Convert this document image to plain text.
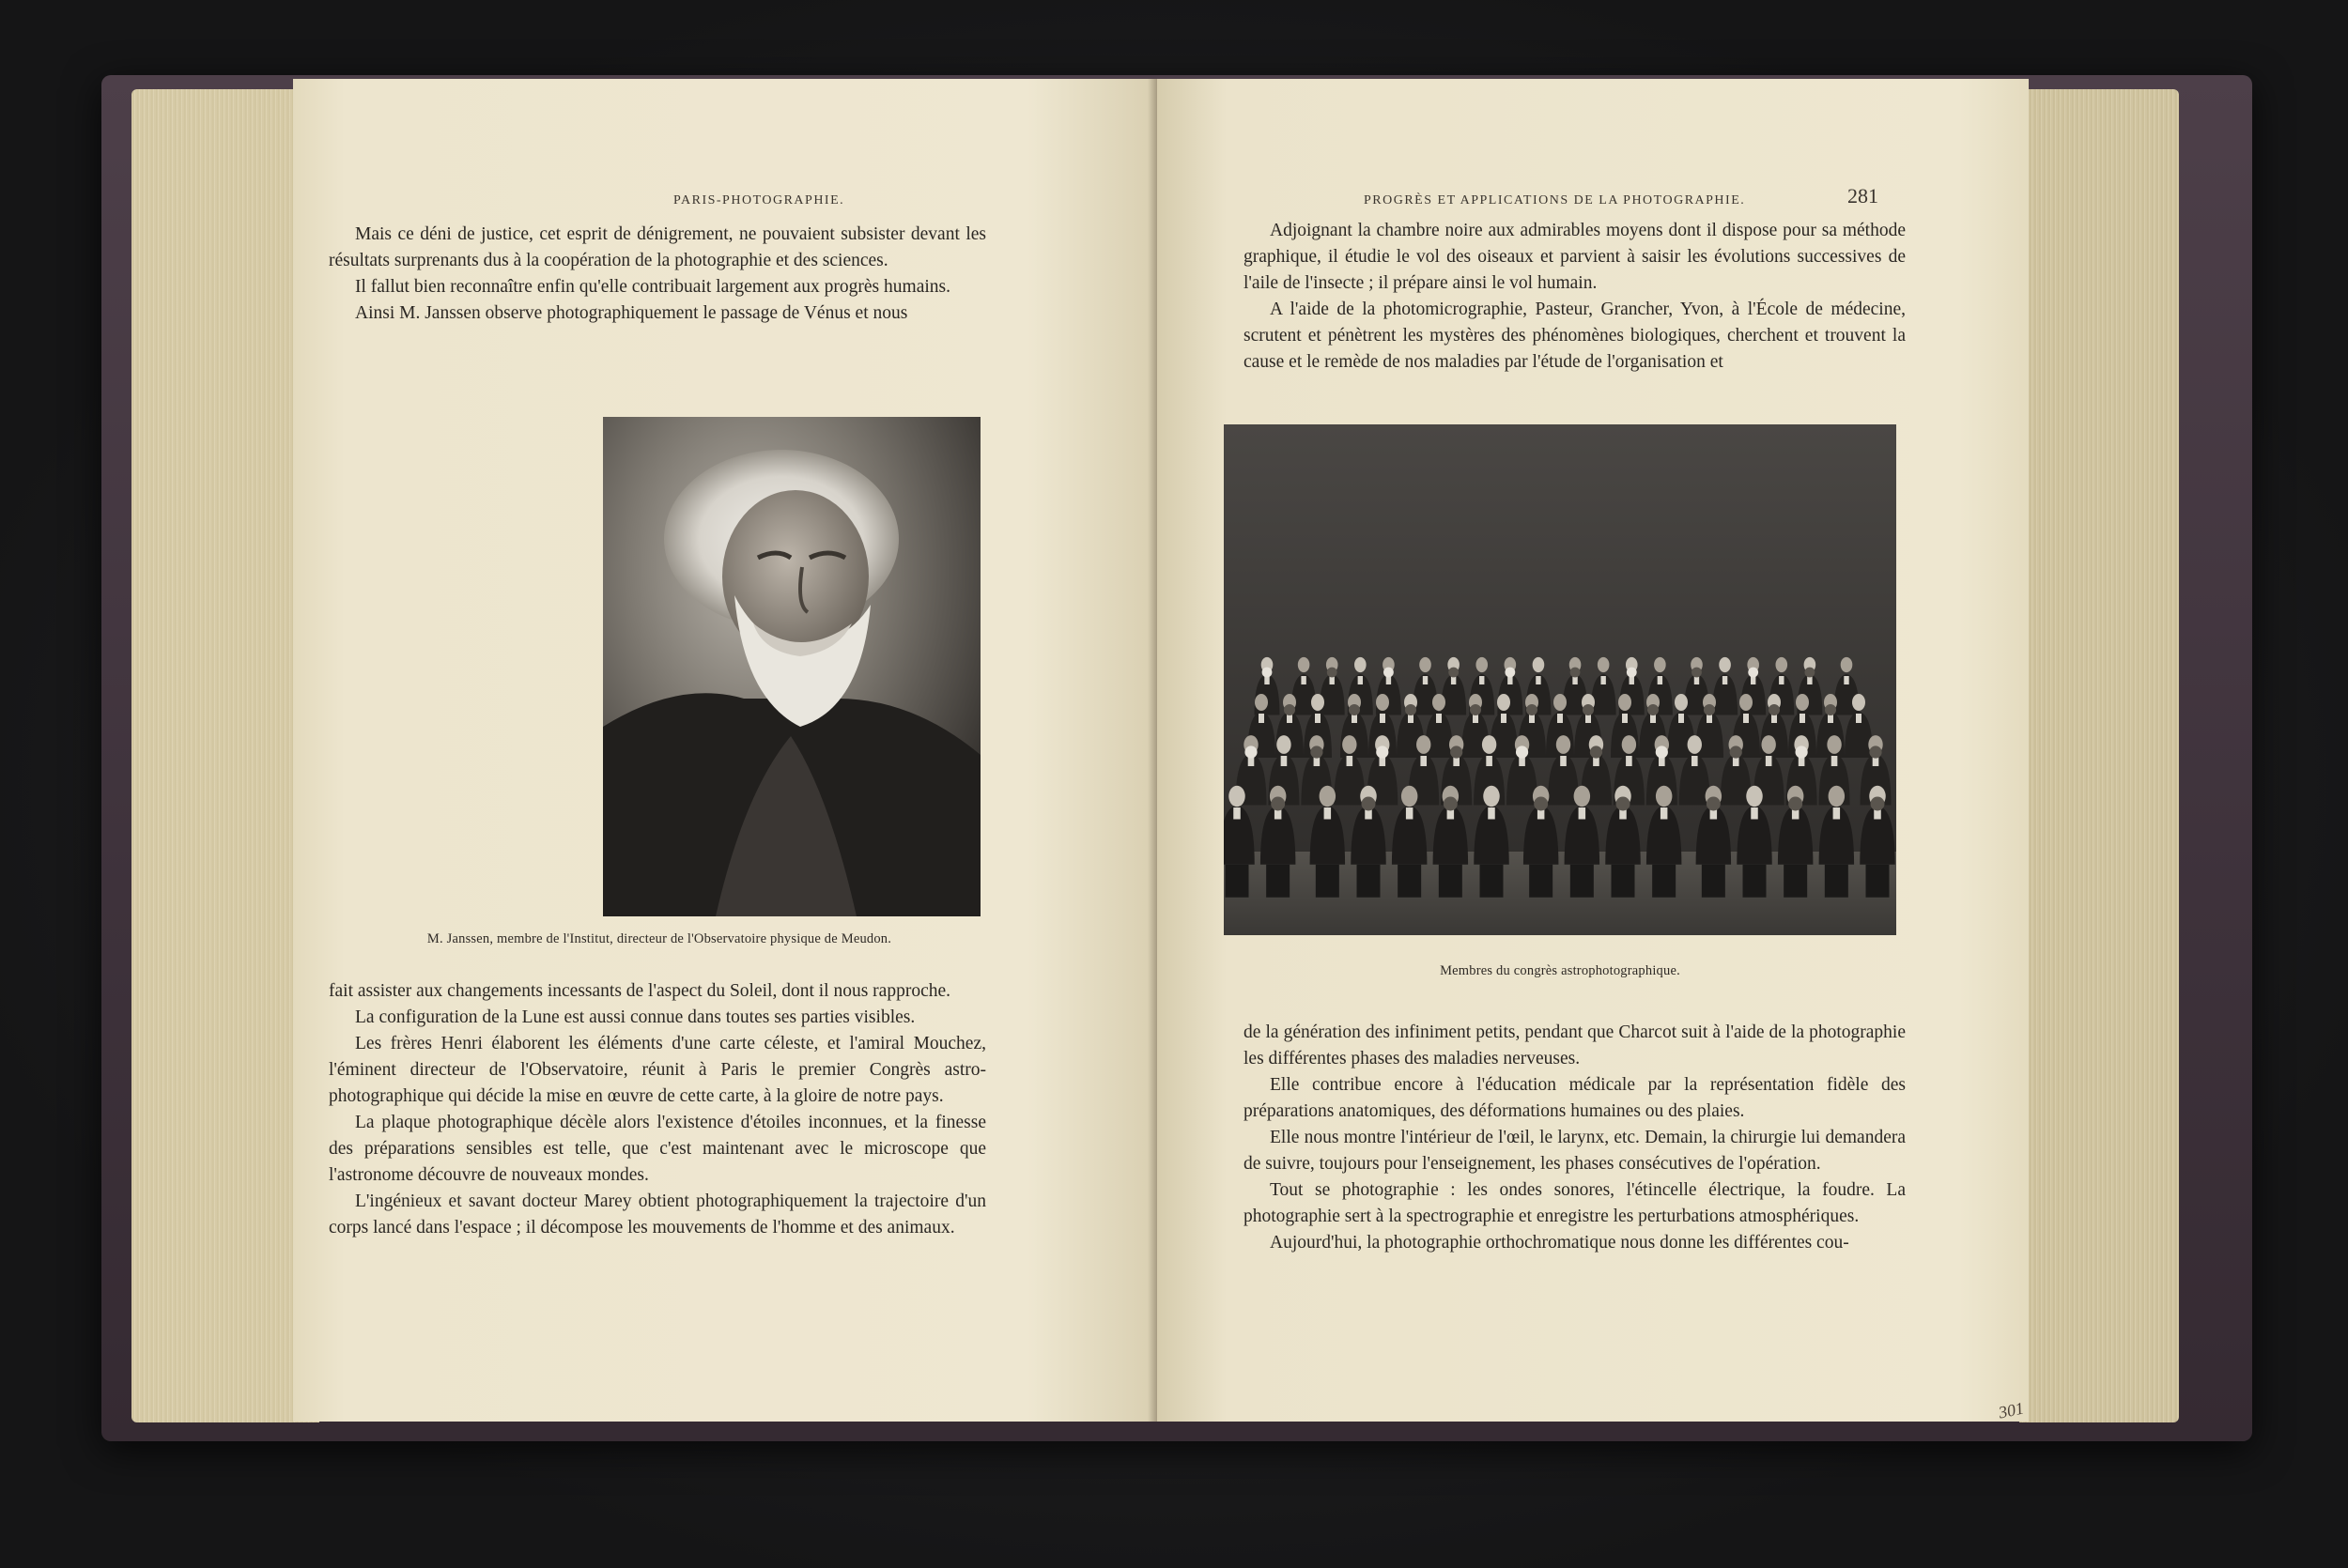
PARIS-PHOTOGRAPHIE.

Mais ce déni de justice, cet esprit de dénigrement, ne pouvaient subsister devant les résultats surprenants dus à la coopération de la photographie et des sciences.

Il fallut bien reconnaître enfin qu'elle contribuait largement aux progrès humains.

Ainsi M. Janssen observe photographiquement le passage de Vénus et nous

M. Janssen, membre de l'Institut, directeur de l'Observatoire physique de Meudon.

fait assister aux changements incessants de l'aspect du Soleil, dont il nous rapproche.

La configuration de la Lune est aussi connue dans toutes ses parties visibles.

Les frères Henri élaborent les éléments d'une carte céleste, et l'amiral Mouchez, l'éminent directeur de l'Observatoire, réunit à Paris le premier Congrès astro-photographique qui décide la mise en œuvre de cette carte, à la gloire de notre pays.

La plaque photographique décèle alors l'existence d'étoiles inconnues, et la finesse des préparations sensibles est telle, que c'est maintenant avec le microscope que l'astronome découvre de nouveaux mondes.

L'ingénieux et savant docteur Marey obtient photographiquement la trajectoire d'un corps lancé dans l'espace ; il décompose les mouvements de l'homme et des animaux.

PROGRÈS ET APPLICATIONS DE LA PHOTOGRAPHIE.	281

Adjoignant la chambre noire aux admirables moyens dont il dispose pour sa méthode graphique, il étudie le vol des oiseaux et parvient à saisir les évolutions successives de l'aile de l'insecte ; il prépare ainsi le vol humain.

A l'aide de la photomicrographie, Pasteur, Grancher, Yvon, à l'École de médecine, scrutent et pénètrent les mystères des phénomènes biologiques, cherchent et trouvent la cause et le remède de nos maladies par l'étude de l'organisation et

Membres du congrès astrophotographique.

de la génération des infiniment petits, pendant que Charcot suit à l'aide de la photographie les différentes phases des maladies nerveuses.

Elle contribue encore à l'éducation médicale par la représentation fidèle des préparations anatomiques, des déformations humaines ou des plaies.

Elle nous montre l'intérieur de l'œil, le larynx, etc. Demain, la chirurgie lui demandera de suivre, toujours pour l'enseignement, les phases consécutives de l'opération.

Tout se photographie : les ondes sonores, l'étincelle électrique, la foudre. La photographie sert à la spectrographie et enregistre les perturbations atmosphériques.

Aujourd'hui, la photographie orthochromatique nous donne les différentes cou-

301
